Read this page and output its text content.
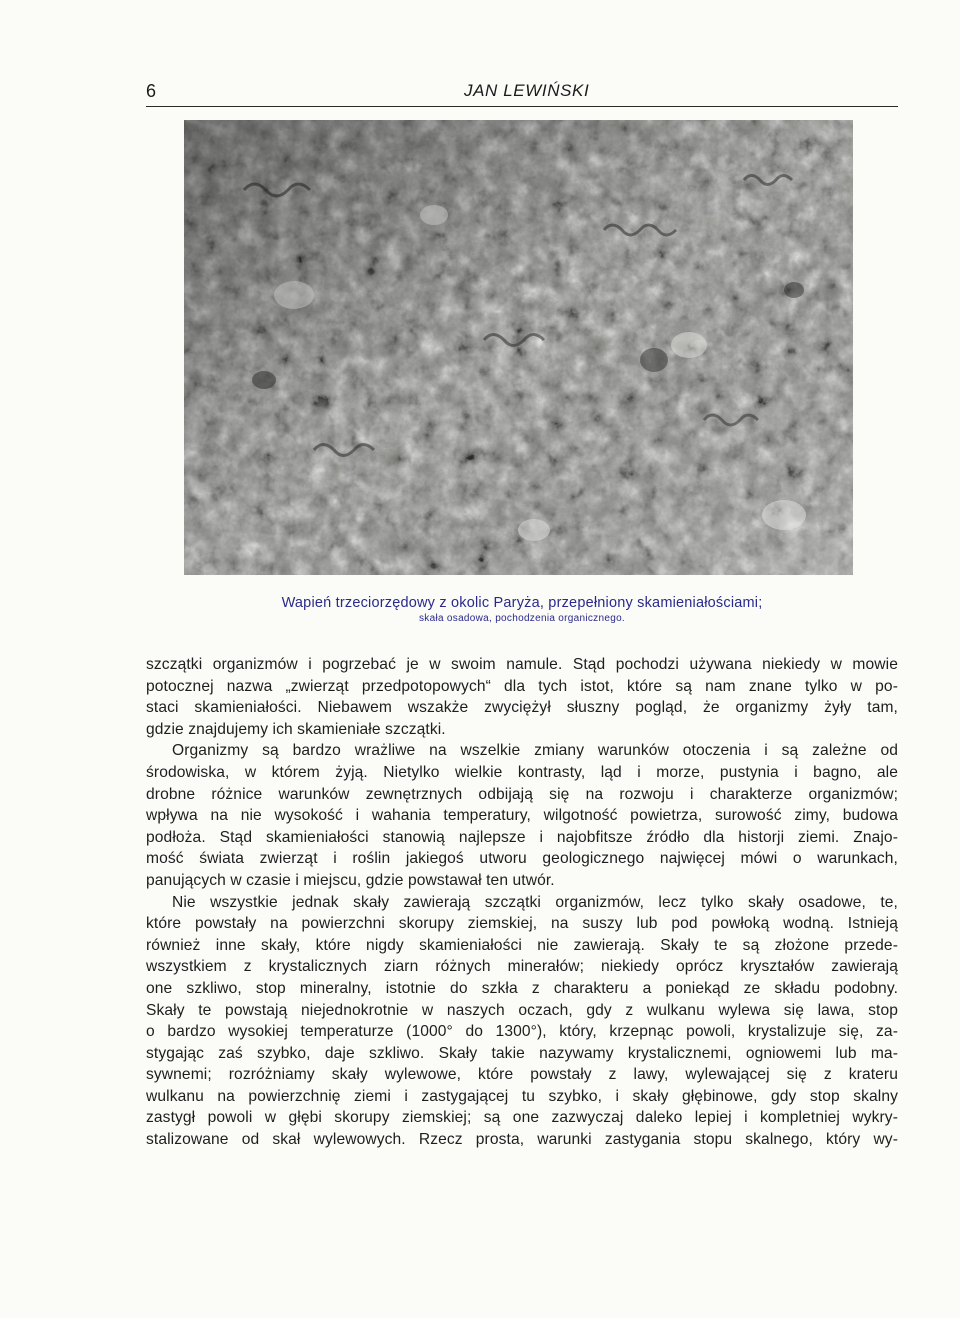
6	JAN LEWIŃSKI
Wapień trzeciorzędowy z okolic Paryża, przepełniony skamieniałościami;
skała osadowa, pochodzenia organicznego.
szczątki organizmów i pogrzebać je w swoim namule. Stąd pochodzi używana niekiedy w mowie
potocznej nazwa „zwierząt przedpotopowych“ dla tych istot, które są nam znane tylko w po-
staci skamieniałości. Niebawem wszakże zwyciężył słuszny pogląd, że organizmy żyły tam,
gdzie znajdujemy ich skamieniałe szczątki.
Organizmy są bardzo wrażliwe na wszelkie zmiany warunków otoczenia i są zależne od
środowiska, w którem żyją. Nietylko wielkie kontrasty, ląd i morze, pustynia i bagno, ale
drobne różnice warunków zewnętrznych odbijają się na rozwoju i charakterze organizmów;
wpływa na nie wysokość i wahania temperatury, wilgotność powietrza, surowość zimy, budowa
podłoża. Stąd skamieniałości stanowią najlepsze i najobfitsze źródło dla historji ziemi. Znajo-
mość świata zwierząt i roślin jakiegoś utworu geologicznego najwięcej mówi o warunkach,
panujących w czasie i miejscu, gdzie powstawał ten utwór.
Nie wszystkie jednak skały zawierają szczątki organizmów, lecz tylko skały osadowe, te,
które powstały na powierzchni skorupy ziemskiej, na suszy lub pod powłoką wodną. Istnieją
również inne skały, które nigdy skamieniałości nie zawierają. Skały te są złożone przede-
wszystkiem z krystalicznych ziarn różnych minerałów; niekiedy oprócz kryształów zawierają
one szkliwo, stop mineralny, istotnie do szkła z charakteru a poniekąd ze składu podobny.
Skały te powstają niejednokrotnie w naszych oczach, gdy z wulkanu wylewa się lawa, stop
o bardzo wysokiej temperaturze (1000° do 1300°), który, krzepnąc powoli, krystalizuje się, za-
stygając zaś szybko, daje szkliwo. Skały takie nazywamy krystalicznemi, ogniowemi lub ma-
sywnemi; rozróżniamy skały wylewowe, które powstały z lawy, wylewającej się z krateru
wulkanu na powierzchnię ziemi i zastygającej tu szybko, i skały głębinowe, gdy stop skalny
zastygł powoli w głębi skorupy ziemskiej; są one zazwyczaj daleko lepiej i kompletniej wykry-
stalizowane od skał wylewowych. Rzecz prosta, warunki zastygania stopu skalnego, który wy-
